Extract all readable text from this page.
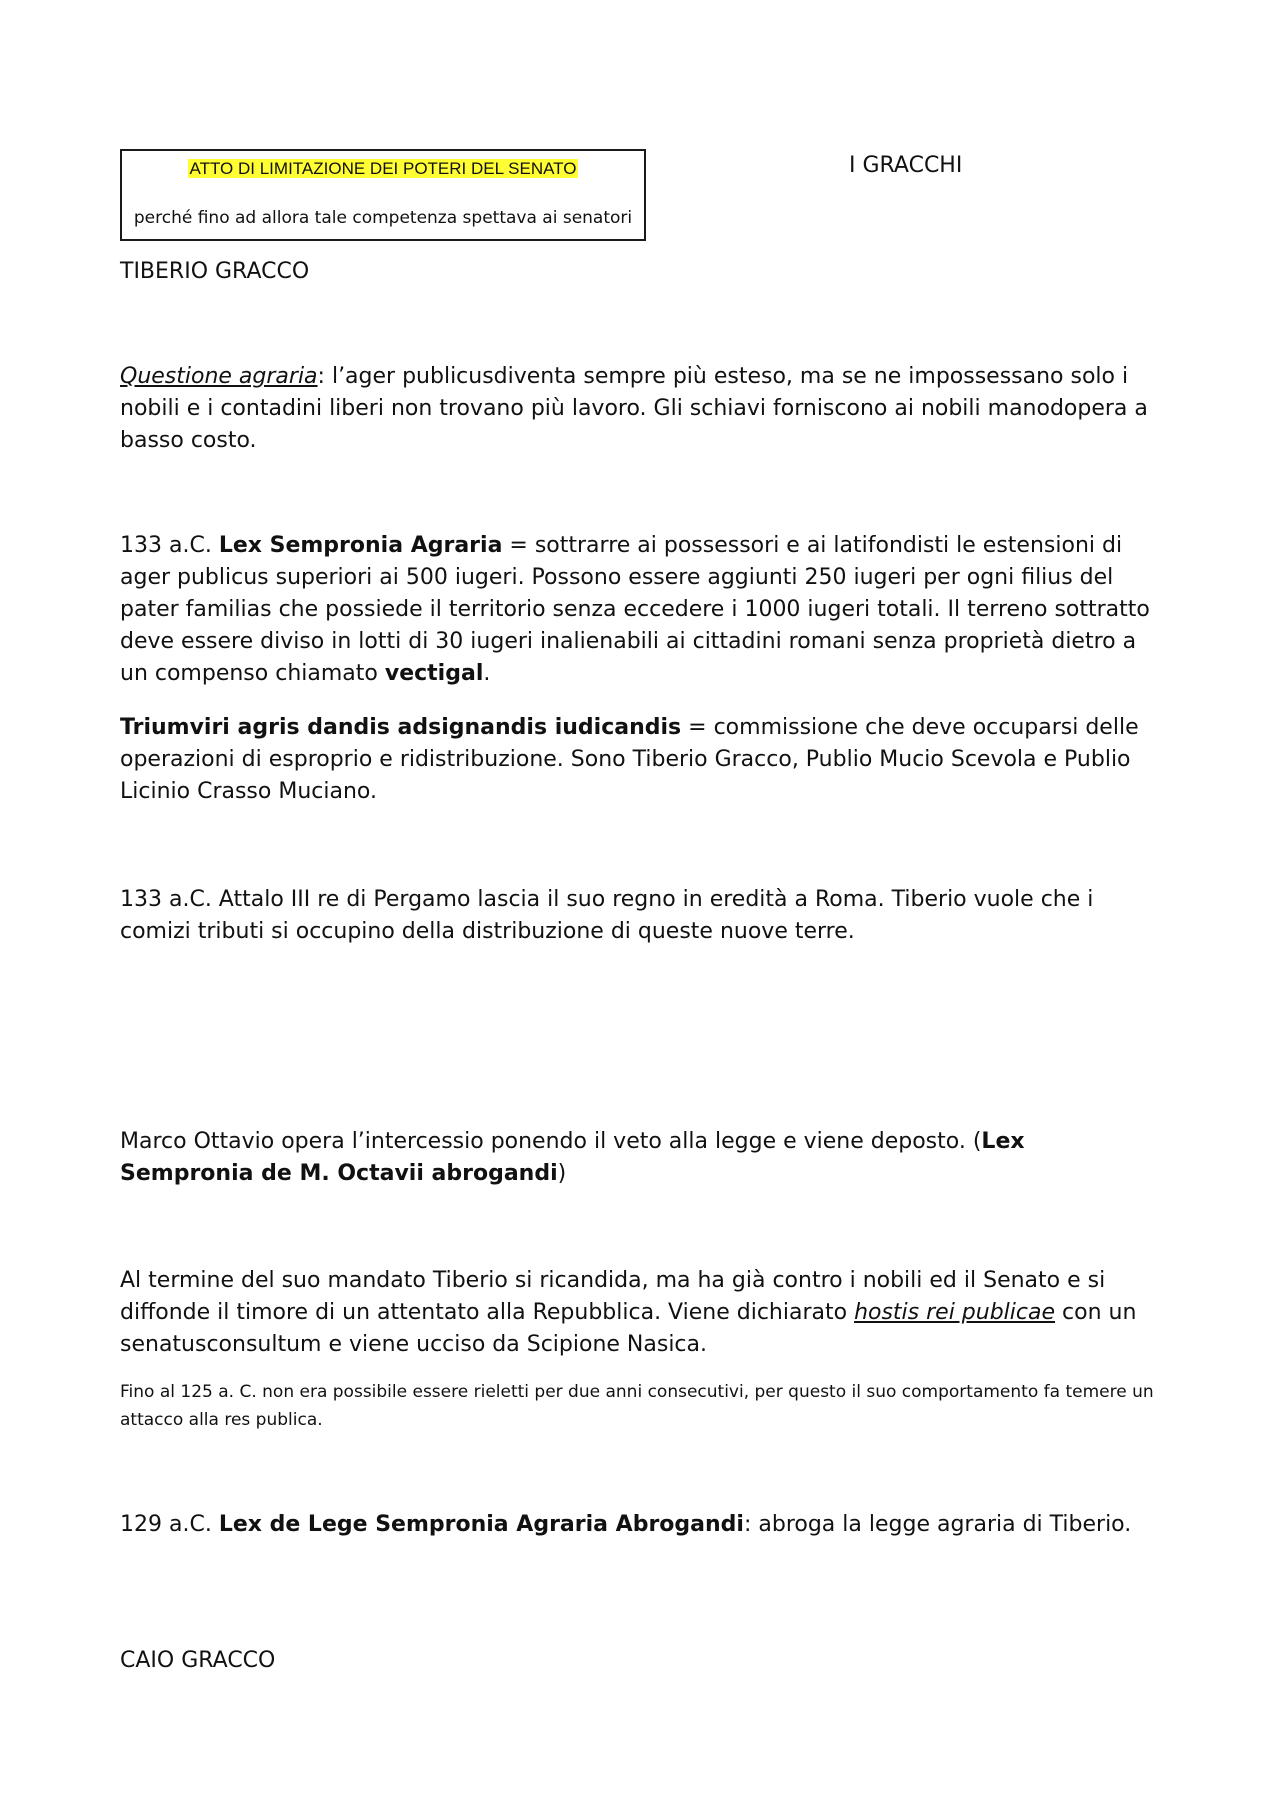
ATTO DI LIMITAZIONE DEI POTERI DEL SENATO
perché fino ad allora tale competenza spettava ai senatori
I GRACCHI
TIBERIO GRACCO
Questione agraria: l’ager publicusdiventa sempre più esteso, ma se ne impossessano solo i nobili e i contadini liberi non trovano più lavoro. Gli schiavi forniscono ai nobili manodopera a basso costo.
133 a.C. Lex Sempronia Agraria = sottrarre ai possessori e ai latifondisti le estensioni di ager publicus superiori ai 500 iugeri. Possono essere aggiunti 250 iugeri per ogni filius del pater familias che possiede il territorio senza eccedere i 1000 iugeri totali. Il terreno sottratto deve essere diviso in lotti di 30 iugeri inalienabili ai cittadini romani senza proprietà dietro a un compenso chiamato vectigal.
Triumviri agris dandis adsignandis iudicandis = commissione che deve occuparsi delle operazioni di esproprio e ridistribuzione. Sono Tiberio Gracco, Publio Mucio Scevola e Publio Licinio Crasso Muciano.
133 a.C. Attalo III re di Pergamo lascia il suo regno in eredità a Roma. Tiberio vuole che i comizi tributi si occupino della distribuzione di queste nuove terre.
Marco Ottavio opera l’intercessio ponendo il veto alla legge e viene deposto. (Lex Sempronia de M. Octavii abrogandi)
Al termine del suo mandato Tiberio si ricandida, ma ha già contro i nobili ed il Senato e si diffonde il timore di un attentato alla Repubblica. Viene dichiarato hostis rei publicae con un senatusconsultum e viene ucciso da Scipione Nasica.
Fino al 125 a. C. non era possibile essere rieletti per due anni consecutivi, per questo il suo comportamento fa temere un attacco alla res publica.
129 a.C. Lex de Lege Sempronia Agraria Abrogandi: abroga la legge agraria di Tiberio.
CAIO GRACCO
